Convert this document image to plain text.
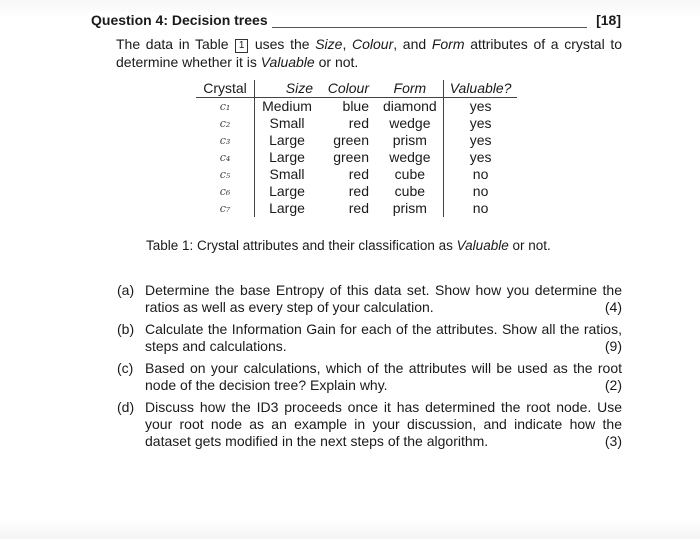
Question 4: Decision trees	[18]
The data in Table 1 uses the Size, Colour, and Form attributes of a crystal to determine whether it is Valuable or not.
Crystal	Size	Colour	Form	Valuable?
c₁	Medium	blue	diamond	yes
c₂	Small	red	wedge	yes
c₃	Large	green	prism	yes
c₄	Large	green	wedge	yes
c₅	Small	red	cube	no
c₆	Large	red	cube	no
c₇	Large	red	prism	no
Table 1: Crystal attributes and their classification as Valuable or not.
(a) Determine the base Entropy of this data set. Show how you determine the ratios as well as every step of your calculation.	(4)
(b) Calculate the Information Gain for each of the attributes. Show all the ratios, steps and calculations.	(9)
(c) Based on your calculations, which of the attributes will be used as the root node of the decision tree? Explain why.	(2)
(d) Discuss how the ID3 proceeds once it has determined the root node. Use your root node as an example in your discussion, and indicate how the dataset gets modified in the next steps of the algorithm.	(3)
